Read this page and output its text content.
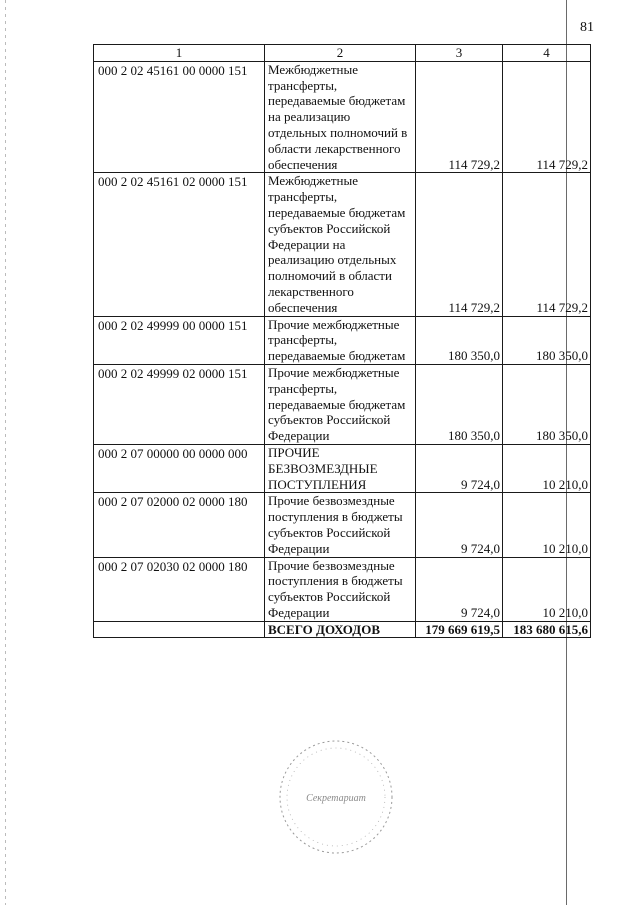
81
1	2	3	4
000 2 02 45161 00 0000 151	Межбюджетные трансферты, передаваемые бюджетам на реализацию отдельных полномочий в области лекарственного обеспечения	114 729,2	114 729,2
000 2 02 45161 02 0000 151	Межбюджетные трансферты, передаваемые бюджетам субъектов Российской Федерации на реализацию отдельных полномочий в области лекарственного обеспечения	114 729,2	114 729,2
000 2 02 49999 00 0000 151	Прочие межбюджетные трансферты, передаваемые бюджетам	180 350,0	180 350,0
000 2 02 49999 02 0000 151	Прочие межбюджетные трансферты, передаваемые бюджетам субъектов Российской Федерации	180 350,0	180 350,0
000 2 07 00000 00 0000 000	ПРОЧИЕ БЕЗВОЗМЕЗДНЫЕ ПОСТУПЛЕНИЯ	9 724,0	10 210,0
000 2 07 02000 02 0000 180	Прочие безвозмездные поступления в бюджеты субъектов Российской Федерации	9 724,0	10 210,0
000 2 07 02030 02 0000 180	Прочие безвозмездные поступления в бюджеты субъектов Российской Федерации	9 724,0	10 210,0
	ВСЕГО ДОХОДОВ	179 669 619,5	183 680 615,6
Секретариат
